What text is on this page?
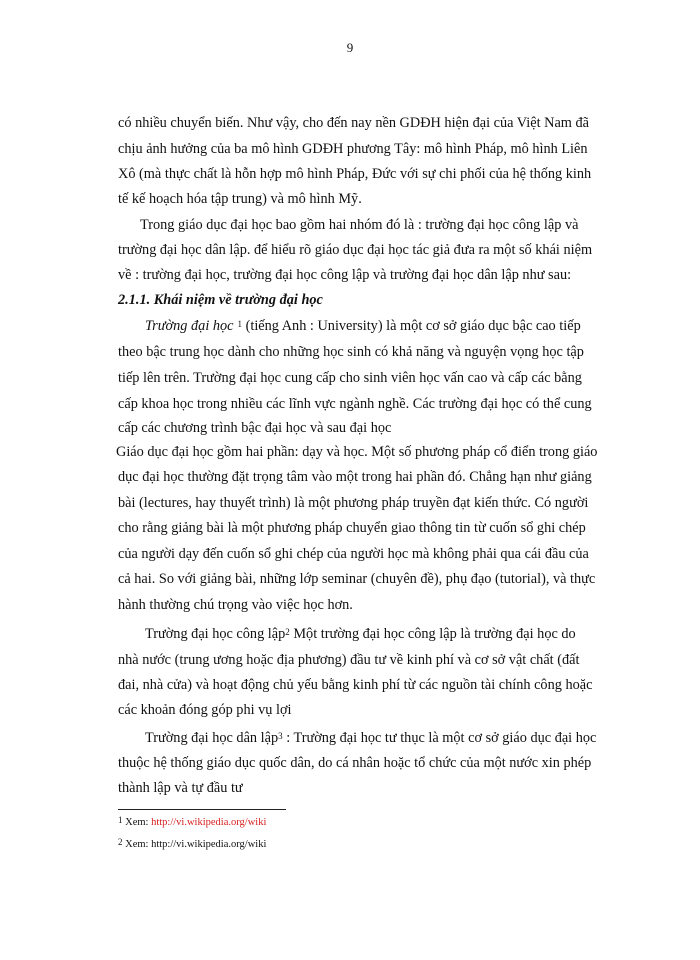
9
có nhiều chuyển biến. Như vậy, cho đến nay nền GDĐH hiện đại của Việt Nam đã
chịu ảnh hưởng của ba mô hình GDĐH phương Tây: mô hình Pháp, mô hình Liên
Xô (mà thực chất là hỗn hợp mô hình Pháp, Đức với sự chi phối của hệ thống kinh
tế kế hoạch hóa tập trung) và mô hình Mỹ.
Trong giáo dục đại học bao gồm hai nhóm đó là : trường đại học công lập và
trường đại học dân lập. để hiểu rõ giáo dục đại học tác giả đưa ra một số khái niệm
về : trường đại học, trường đại học công lập và trường đại học dân lập như sau:
2.1.1. Khái niệm về trường đại học
Trường đại học $^1$ (tiếng Anh : University) là một cơ sở giáo dục bậc cao tiếp
theo bậc trung học dành cho những học sinh có khả năng và nguyện vọng học tập
tiếp lên trên. Trường đại học cung cấp cho sinh viên học vấn cao và cấp các bằng
cấp khoa học trong nhiều các lĩnh vực ngành nghề. Các trường đại học có thể cung
cấp các chương trình bậc đại học và sau đại học
Giáo dục đại học gồm hai phần: dạy và học. Một số phương pháp cổ điển trong giáo
dục đại học thường đặt trọng tâm vào một trong hai phần đó. Chẳng hạn như giảng
bài (lectures, hay thuyết trình) là một phương pháp truyền đạt kiến thức. Có người
cho rằng giảng bài là một phương pháp chuyển giao thông tin từ cuốn sổ ghi chép
của người dạy đến cuốn sổ ghi chép của người học mà không phải qua cái đầu của
cả hai. So với giảng bài, những lớp seminar (chuyên đề), phụ đạo (tutorial), và thực
hành thường chú trọng vào việc học hơn.
Trường đại học công lập$^2$ Một trường đại học công lập là trường đại học do
nhà nước (trung ương hoặc địa phương) đầu tư về kinh phí và cơ sở vật chất (đất
đai, nhà cửa) và hoạt động chủ yếu bằng kinh phí từ các nguồn tài chính công hoặc
các khoản đóng góp phi vụ lợi
Trường đại học dân lập$^3$ : Trường đại học tư thục là một cơ sở giáo dục đại học
thuộc hệ thống giáo dục quốc dân, do cá nhân hoặc tổ chức của một nước xin phép
thành lập và tự đầu tư
$^1$ Xem: http://vi.wikipedia.org/wiki
$^2$ Xem: http://vi.wikipedia.org/wiki
